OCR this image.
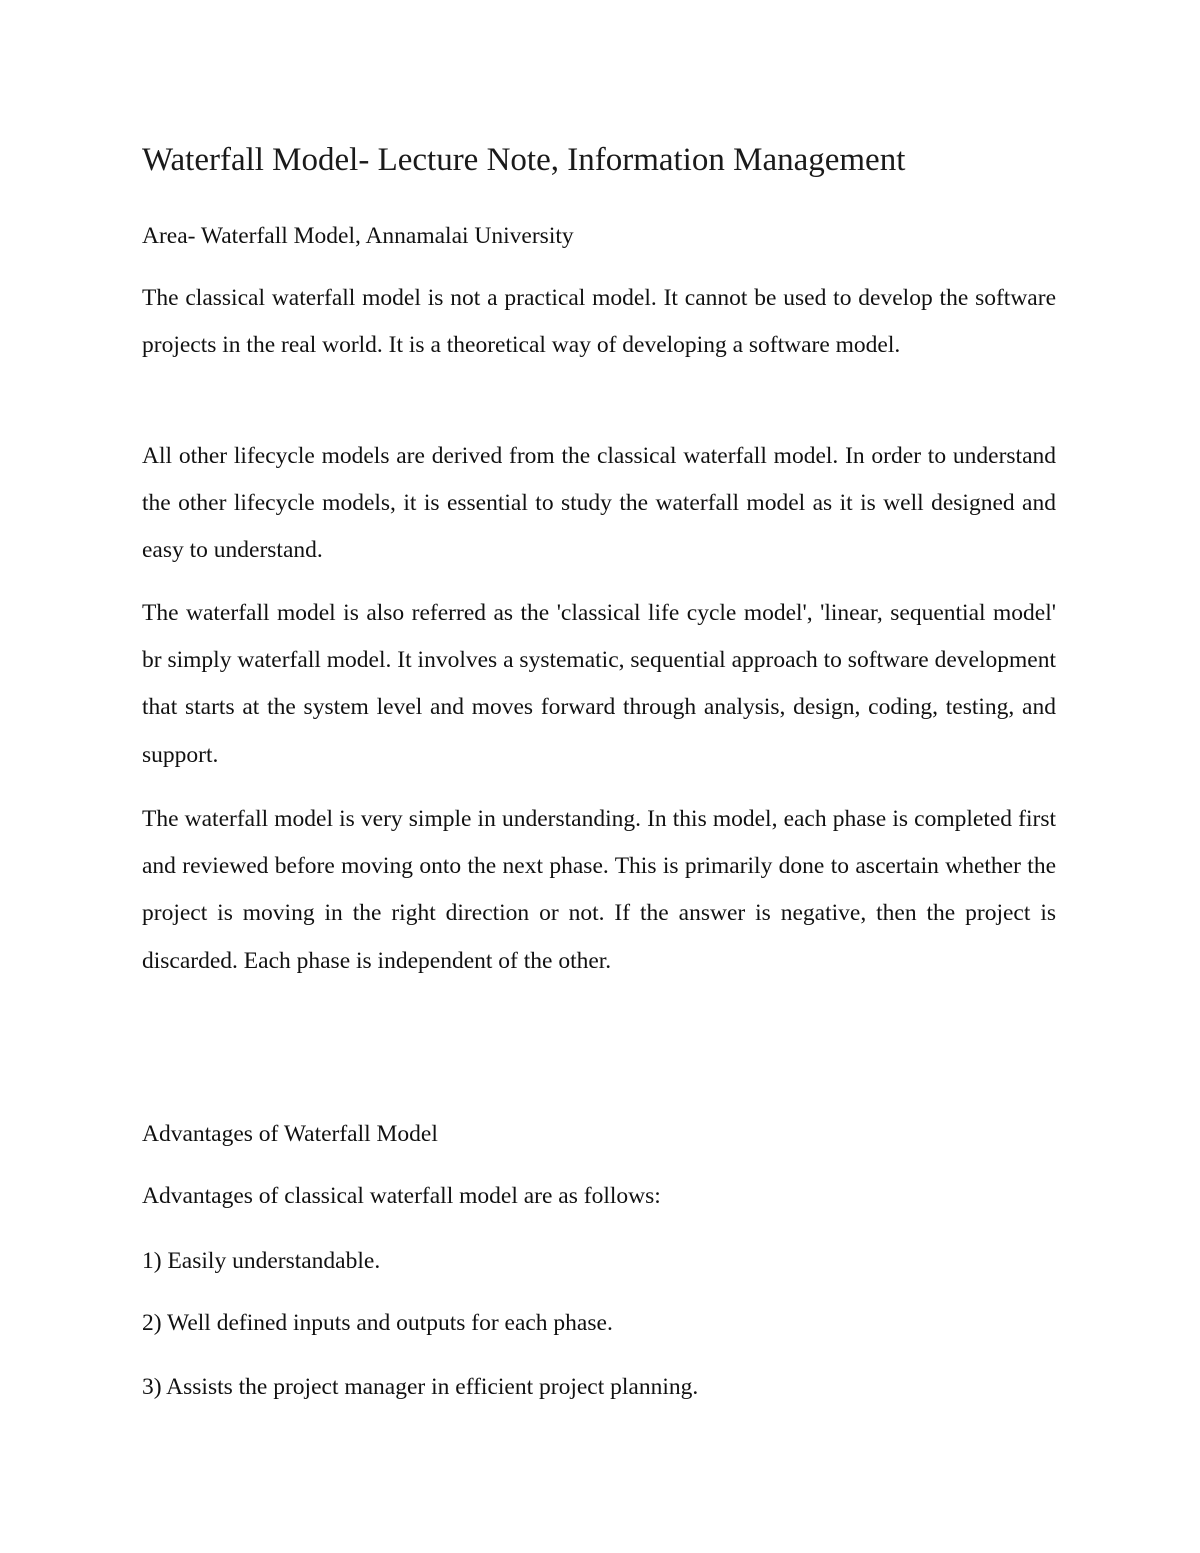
Waterfall Model- Lecture Note, Information Management

Area- Waterfall Model, Annamalai University

The classical waterfall model is not a practical model. It cannot be used to develop the software projects in the real world. It is a theoretical way of developing a software model.

All other lifecycle models are derived from the classical waterfall model. In order to understand the other lifecycle models, it is essential to study the waterfall model as it is well designed and easy to understand.

The waterfall model is also referred as the 'classical life cycle model', 'linear, sequential model' br simply waterfall model. It involves a systematic, sequential approach to software development that starts at the system level and moves forward through analysis, design, coding, testing, and support.

The waterfall model is very simple in understanding. In this model, each phase is completed first and reviewed before moving onto the next phase. This is primarily done to ascertain whether the project is moving in the right direction or not. If the answer is negative, then the project is discarded. Each phase is independent of the other.

Advantages of Waterfall Model

Advantages of classical waterfall model are as follows:

1) Easily understandable.

2) Well defined inputs and outputs for each phase.

3) Assists the project manager in efficient project planning.
